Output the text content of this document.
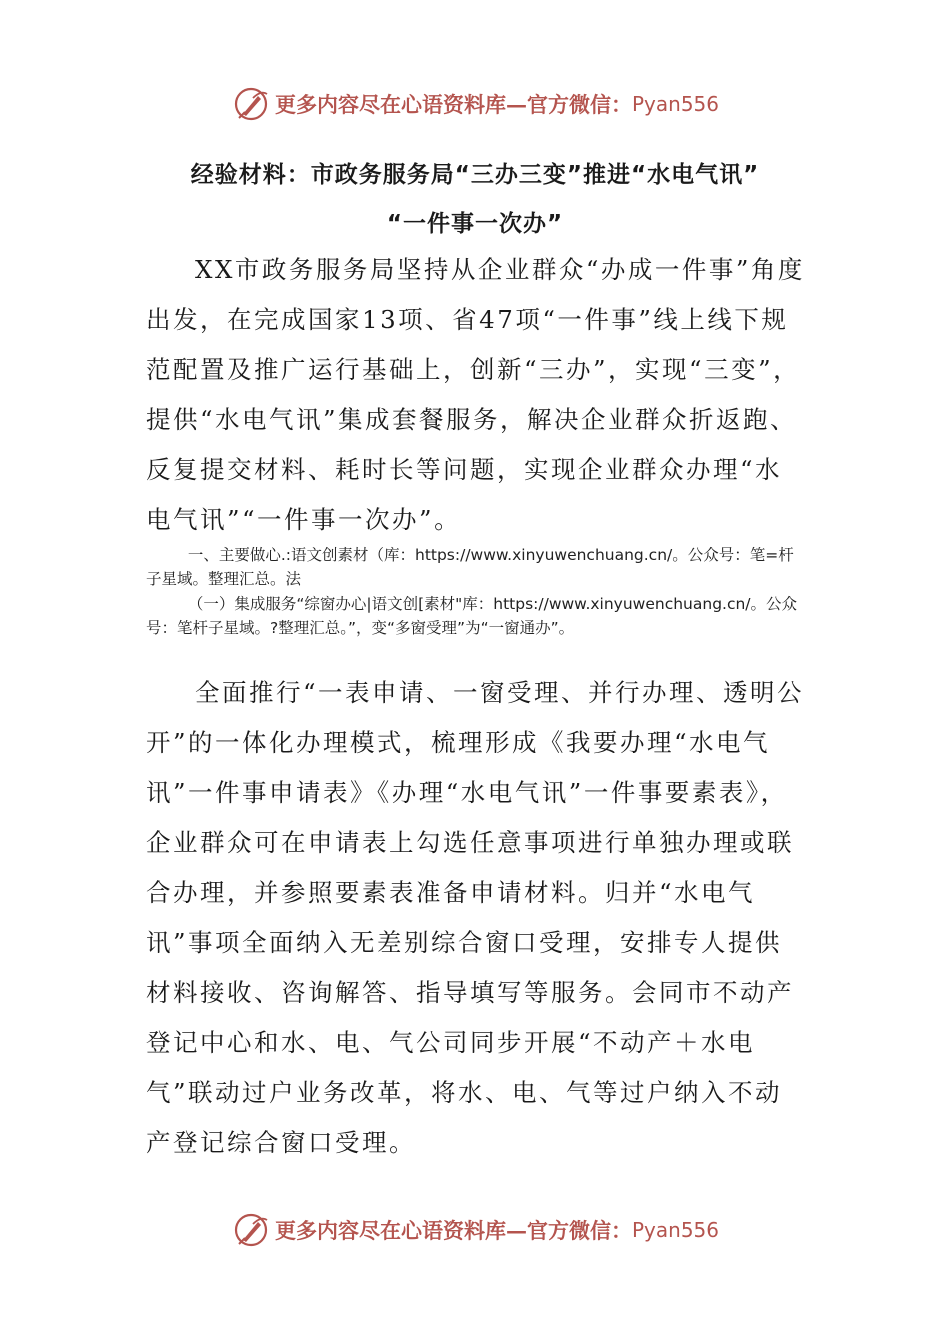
更多内容尽在心语资料库—官方微信： Pyan556
经验材料：市政务服务局“三办三变”推进“水电气讯”
“一件事一次办”

XX市政务服务局坚持从企业群众“办成一件事”角度出发，在完成国家13项、省47项“一件事”线上线下规范配置及推广运行基础上，创新“三办”，实现“三变”，提供“水电气讯”集成套餐服务，解决企业群众折返跑、反复提交材料、耗时长等问题，实现企业群众办理“水电气讯”“一件事一次办”。

一、主要做心.:语文创素材（库：https://www.xinyuwenchuang.cn/。公众号：笔=杆子星域。整理汇总。法

（一）集成服务“综窗办心|语文创[素材"库：https://www.xinyuwenchuang.cn/。公众号：笔杆子星域。?整理汇总。”，变“多窗受理”为“一窗通办”。

全面推行“一表申请、一窗受理、并行办理、透明公开”的一体化办理模式，梳理形成《我要办理“水电气讯”一件事申请表》《办理“水电气讯”一件事要素表》，企业群众可在申请表上勾选任意事项进行单独办理或联合办理，并参照要素表准备申请材料。归并“水电气讯”事项全面纳入无差别综合窗口受理，安排专人提供材料接收、咨询解答、指导填写等服务。会同市不动产登记中心和水、电、气公司同步开展“不动产＋水电气”联动过户业务改革，将水、电、气等过户纳入不动产登记综合窗口受理。

更多内容尽在心语资料库—官方微信： Pyan556
